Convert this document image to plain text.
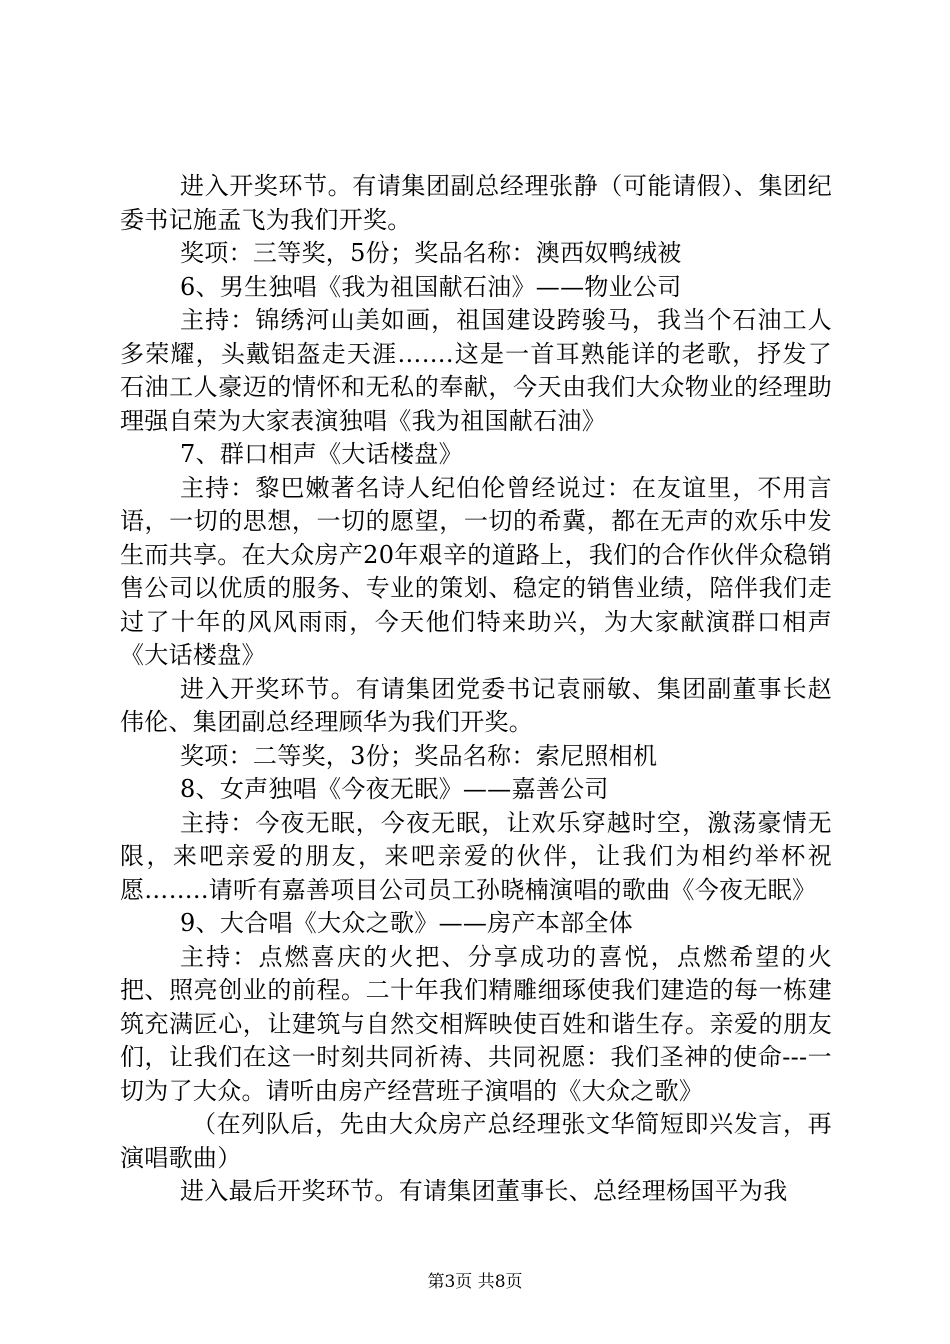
进入开奖环节。有请集团副总经理张静（可能请假）、集团纪委书记施孟飞为我们开奖。

奖项：三等奖，5份；奖品名称：澳西奴鸭绒被

6、男生独唱《我为祖国献石油》——物业公司

主持：锦绣河山美如画，祖国建设跨骏马，我当个石油工人多荣耀，头戴铝盔走天涯…….这是一首耳熟能详的老歌，抒发了石油工人豪迈的情怀和无私的奉献，今天由我们大众物业的经理助理强自荣为大家表演独唱《我为祖国献石油》

7、群口相声《大话楼盘》

主持：黎巴嫩著名诗人纪伯伦曾经说过：在友谊里，不用言语，一切的思想，一切的愿望，一切的希冀，都在无声的欢乐中发生而共享。在大众房产20年艰辛的道路上，我们的合作伙伴众稳销售公司以优质的服务、专业的策划、稳定的销售业绩，陪伴我们走过了十年的风风雨雨，今天他们特来助兴，为大家献演群口相声《大话楼盘》

进入开奖环节。有请集团党委书记袁丽敏、集团副董事长赵伟伦、集团副总经理顾华为我们开奖。

奖项：二等奖，3份；奖品名称：索尼照相机

8、女声独唱《今夜无眠》——嘉善公司

主持：今夜无眠，今夜无眠，让欢乐穿越时空，激荡豪情无限，来吧亲爱的朋友，来吧亲爱的伙伴，让我们为相约举杯祝愿……..请听有嘉善项目公司员工孙晓楠演唱的歌曲《今夜无眠》

9、大合唱《大众之歌》——房产本部全体

主持：点燃喜庆的火把、分享成功的喜悦，点燃希望的火把、照亮创业的前程。二十年我们精雕细琢使我们建造的每一栋建筑充满匠心，让建筑与自然交相辉映使百姓和谐生存。亲爱的朋友们，让我们在这一时刻共同祈祷、共同祝愿：我们圣神的使命---一切为了大众。请听由房产经营班子演唱的《大众之歌》

（在列队后，先由大众房产总经理张文华简短即兴发言，再演唱歌曲）

进入最后开奖环节。有请集团董事长、总经理杨国平为我

第3页 共8页
